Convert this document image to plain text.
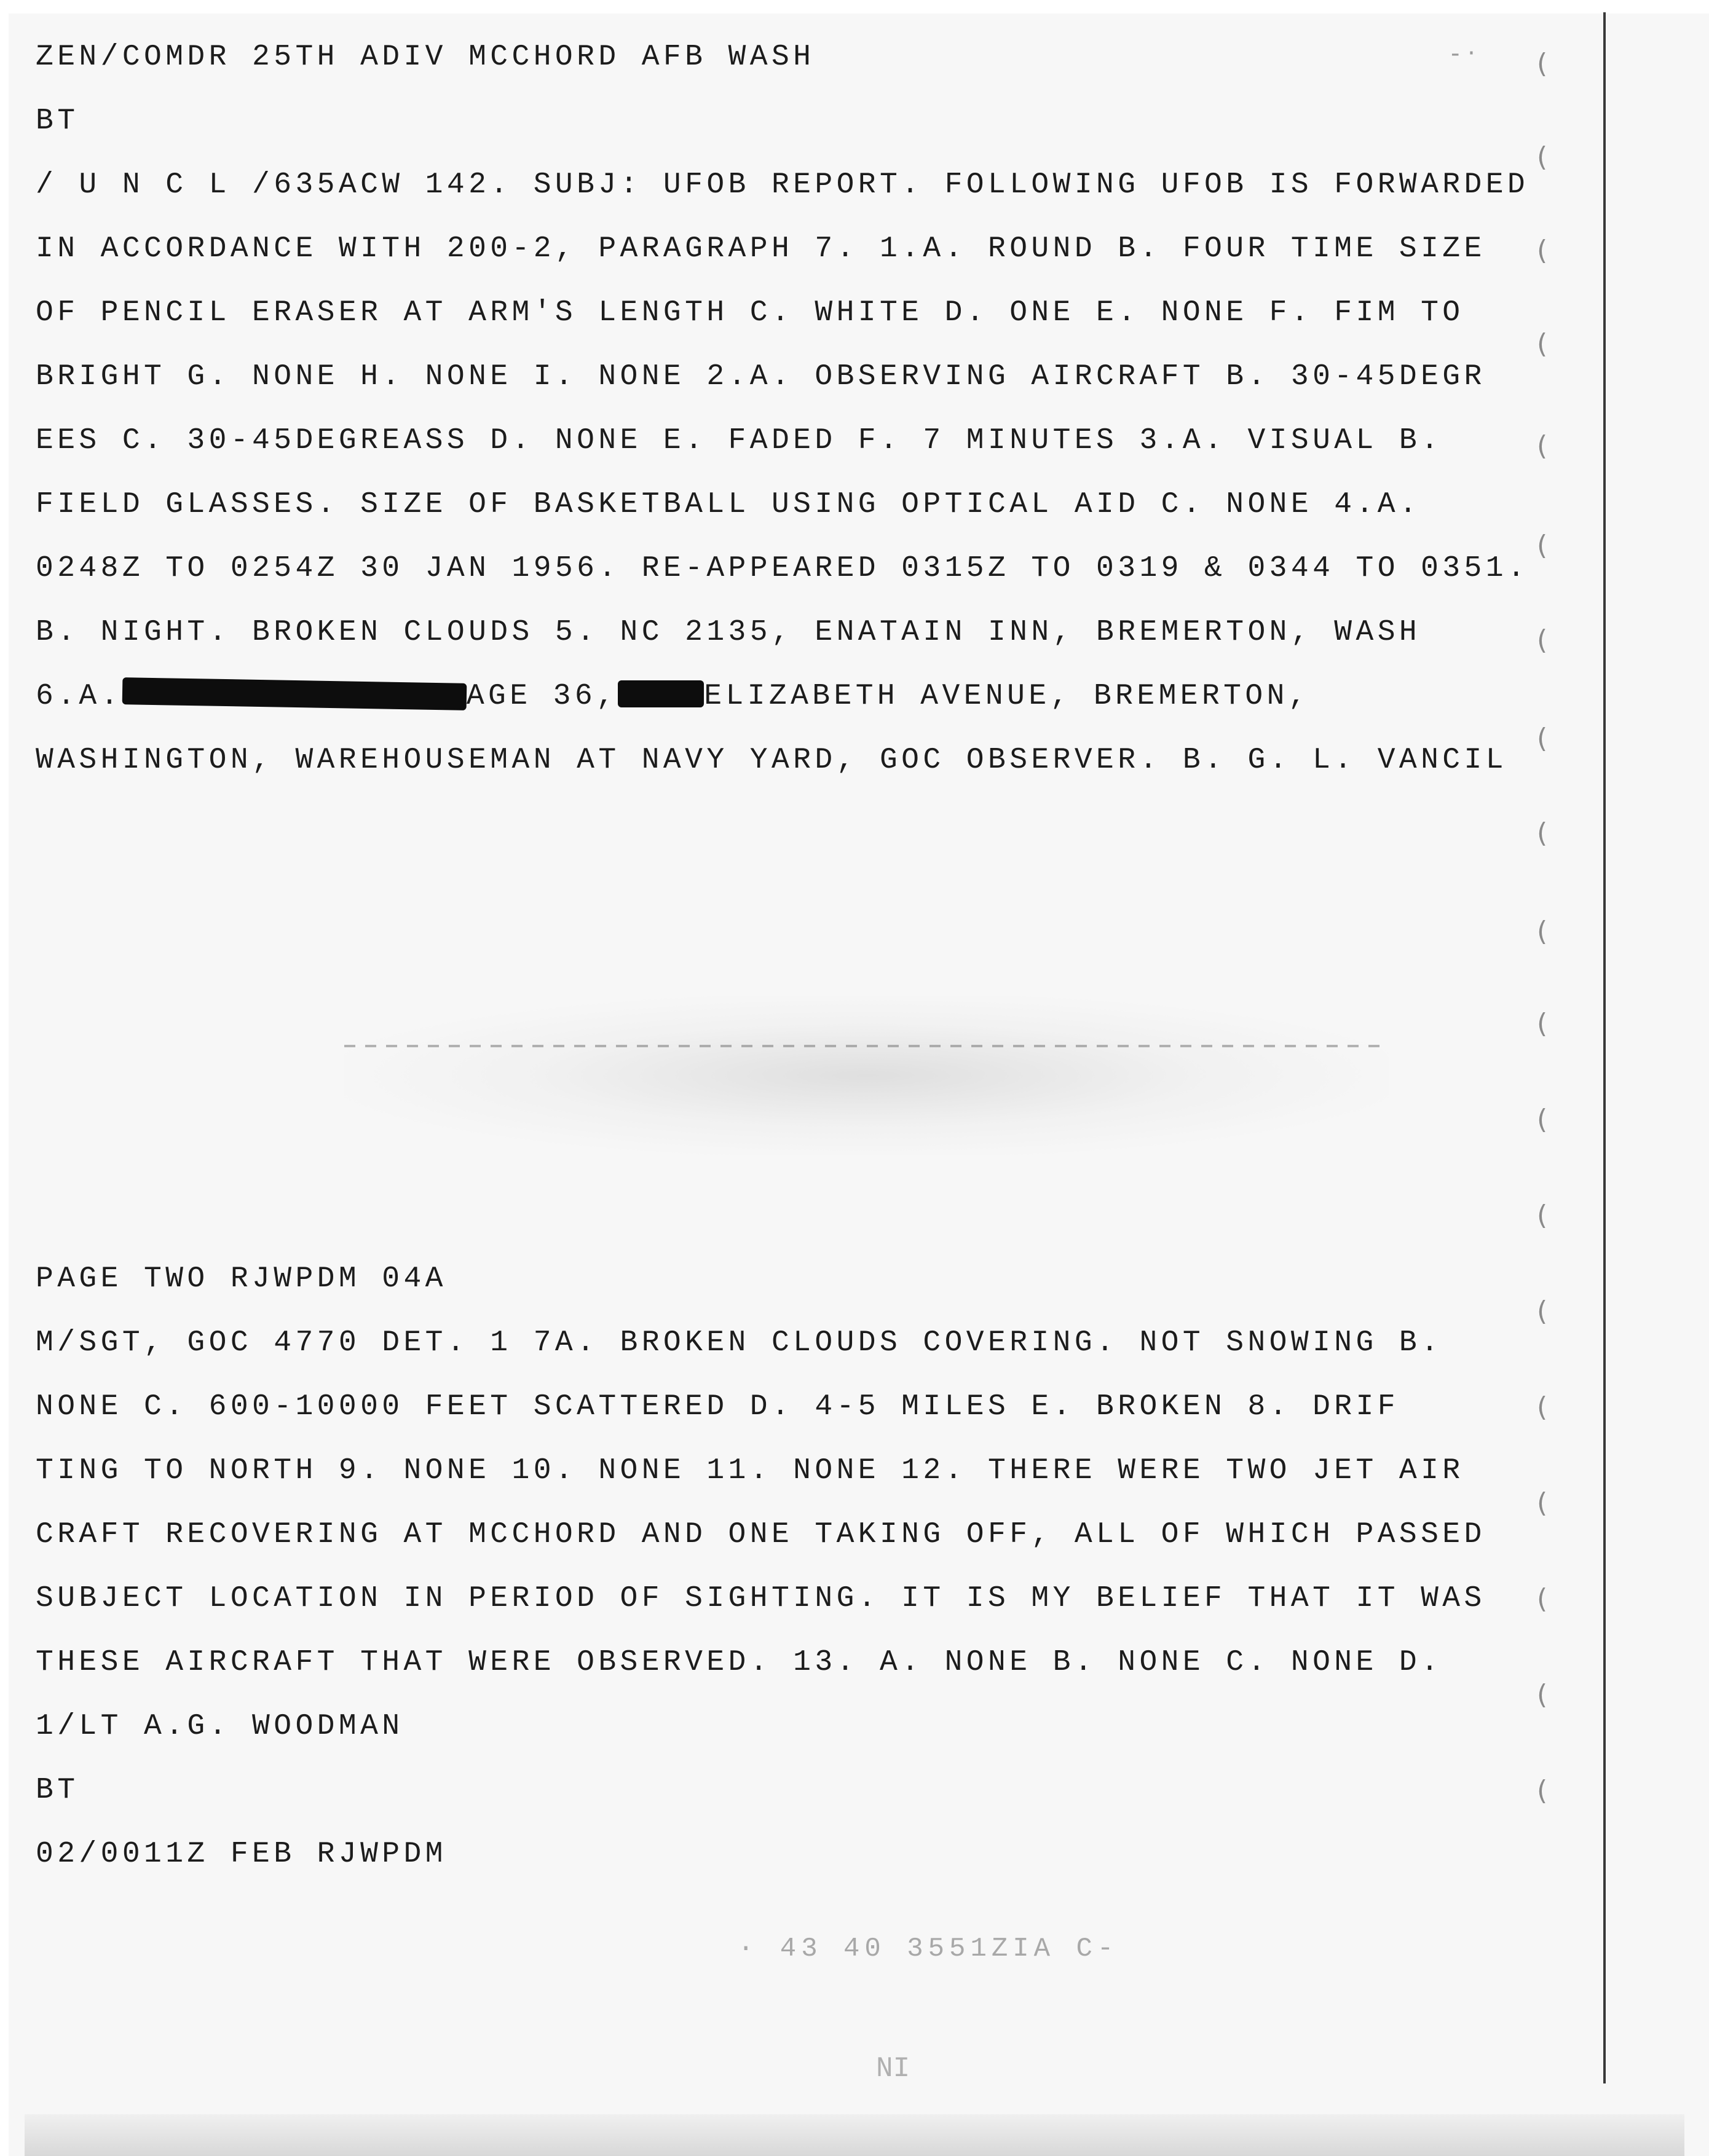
- ·
ZEN/COMDR 25TH ADIV MCCHORD AFB WASH
BT
/ U N C L /635ACW 142. SUBJ: UFOB REPORT. FOLLOWING UFOB IS FORWARDED
IN ACCORDANCE WITH 200-2, PARAGRAPH 7. 1.A. ROUND B. FOUR TIME SIZE
OF PENCIL ERASER AT ARM'S LENGTH C. WHITE D. ONE E. NONE F. FIM TO
BRIGHT G. NONE H. NONE I. NONE 2.A. OBSERVING AIRCRAFT B. 30-45DEGR
EES C. 30-45DEGREASS D. NONE E. FADED F. 7 MINUTES 3.A. VISUAL B.
FIELD GLASSES. SIZE OF BASKETBALL USING OPTICAL AID C. NONE 4.A.
0248Z TO 0254Z 30 JAN 1956. RE-APPEARED 0315Z TO 0319 & 0344 TO 0351.
B. NIGHT. BROKEN CLOUDS 5. NC 2135, ENATAIN INN, BREMERTON, WASH
6.A.	AGE 36,	ELIZABETH AVENUE, BREMERTON,
WASHINGTON, WAREHOUSEMAN AT NAVY YARD, GOC OBSERVER. B. G. L. VANCIL
PAGE TWO RJWPDM 04A
M/SGT, GOC 4770 DET. 1 7A. BROKEN CLOUDS COVERING. NOT SNOWING B.
NONE C. 600-10000 FEET SCATTERED D. 4-5 MILES E. BROKEN 8. DRIF
TING TO NORTH 9. NONE 10. NONE 11. NONE 12. THERE WERE TWO JET AIR
CRAFT RECOVERING AT MCCHORD AND ONE TAKING OFF, ALL OF WHICH PASSED
SUBJECT LOCATION IN PERIOD OF SIGHTING. IT IS MY BELIEF THAT IT WAS
THESE AIRCRAFT THAT WERE OBSERVED. 13. A. NONE B. NONE C. NONE D.
1/LT A.G. WOODMAN
BT
02/0011Z FEB RJWPDM
· 43 40 3551ZIA C-
NI
(
(
(
(
(
(
(
(
(
(
(
(
(
(
(
(
(
(
(
